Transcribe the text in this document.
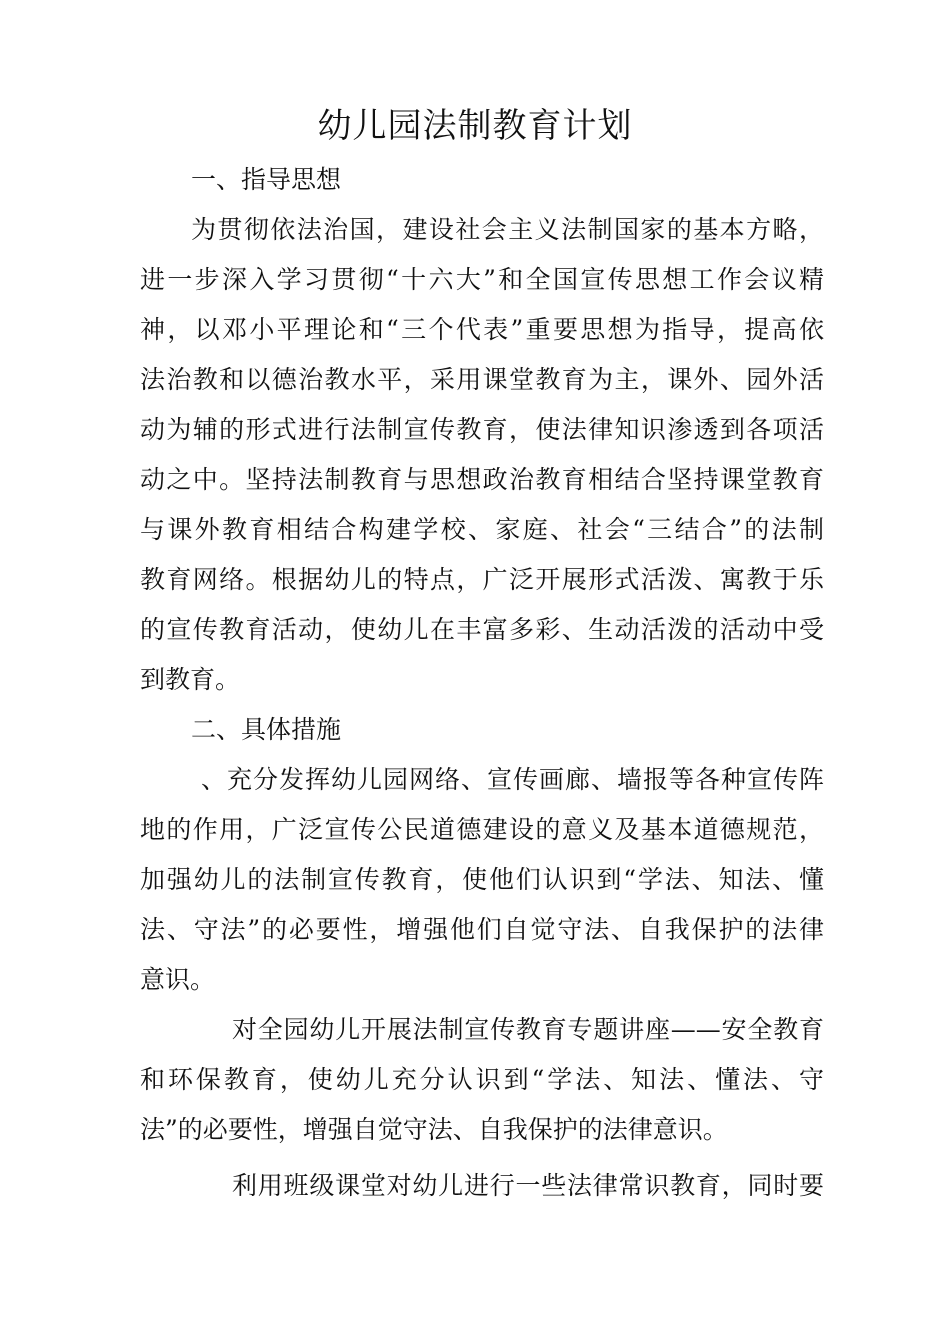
幼儿园法制教育计划
一、指导思想
为贯彻依法治国，建设社会主义法制国家的基本方略，
进一步深入学习贯彻“十六大”和全国宣传思想工作会议精
神，以邓小平理论和“三个代表”重要思想为指导，提高依
法治教和以德治教水平，采用课堂教育为主，课外、园外活
动为辅的形式进行法制宣传教育，使法律知识渗透到各项活
动之中。坚持法制教育与思想政治教育相结合坚持课堂教育
与课外教育相结合构建学校、家庭、社会“三结合”的法制
教育网络。根据幼儿的特点，广泛开展形式活泼、寓教于乐
的宣传教育活动，使幼儿在丰富多彩、生动活泼的活动中受
到教育。
二、具体措施
、充分发挥幼儿园网络、宣传画廊、墙报等各种宣传阵
地的作用，广泛宣传公民道德建设的意义及基本道德规范，
加强幼儿的法制宣传教育，使他们认识到“学法、知法、懂
法、守法”的必要性，增强他们自觉守法、自我保护的法律
意识。
对全园幼儿开展法制宣传教育专题讲座——安全教育
和环保教育，使幼儿充分认识到“学法、知法、懂法、守
法”的必要性，增强自觉守法、自我保护的法律意识。
利用班级课堂对幼儿进行一些法律常识教育，同时要
